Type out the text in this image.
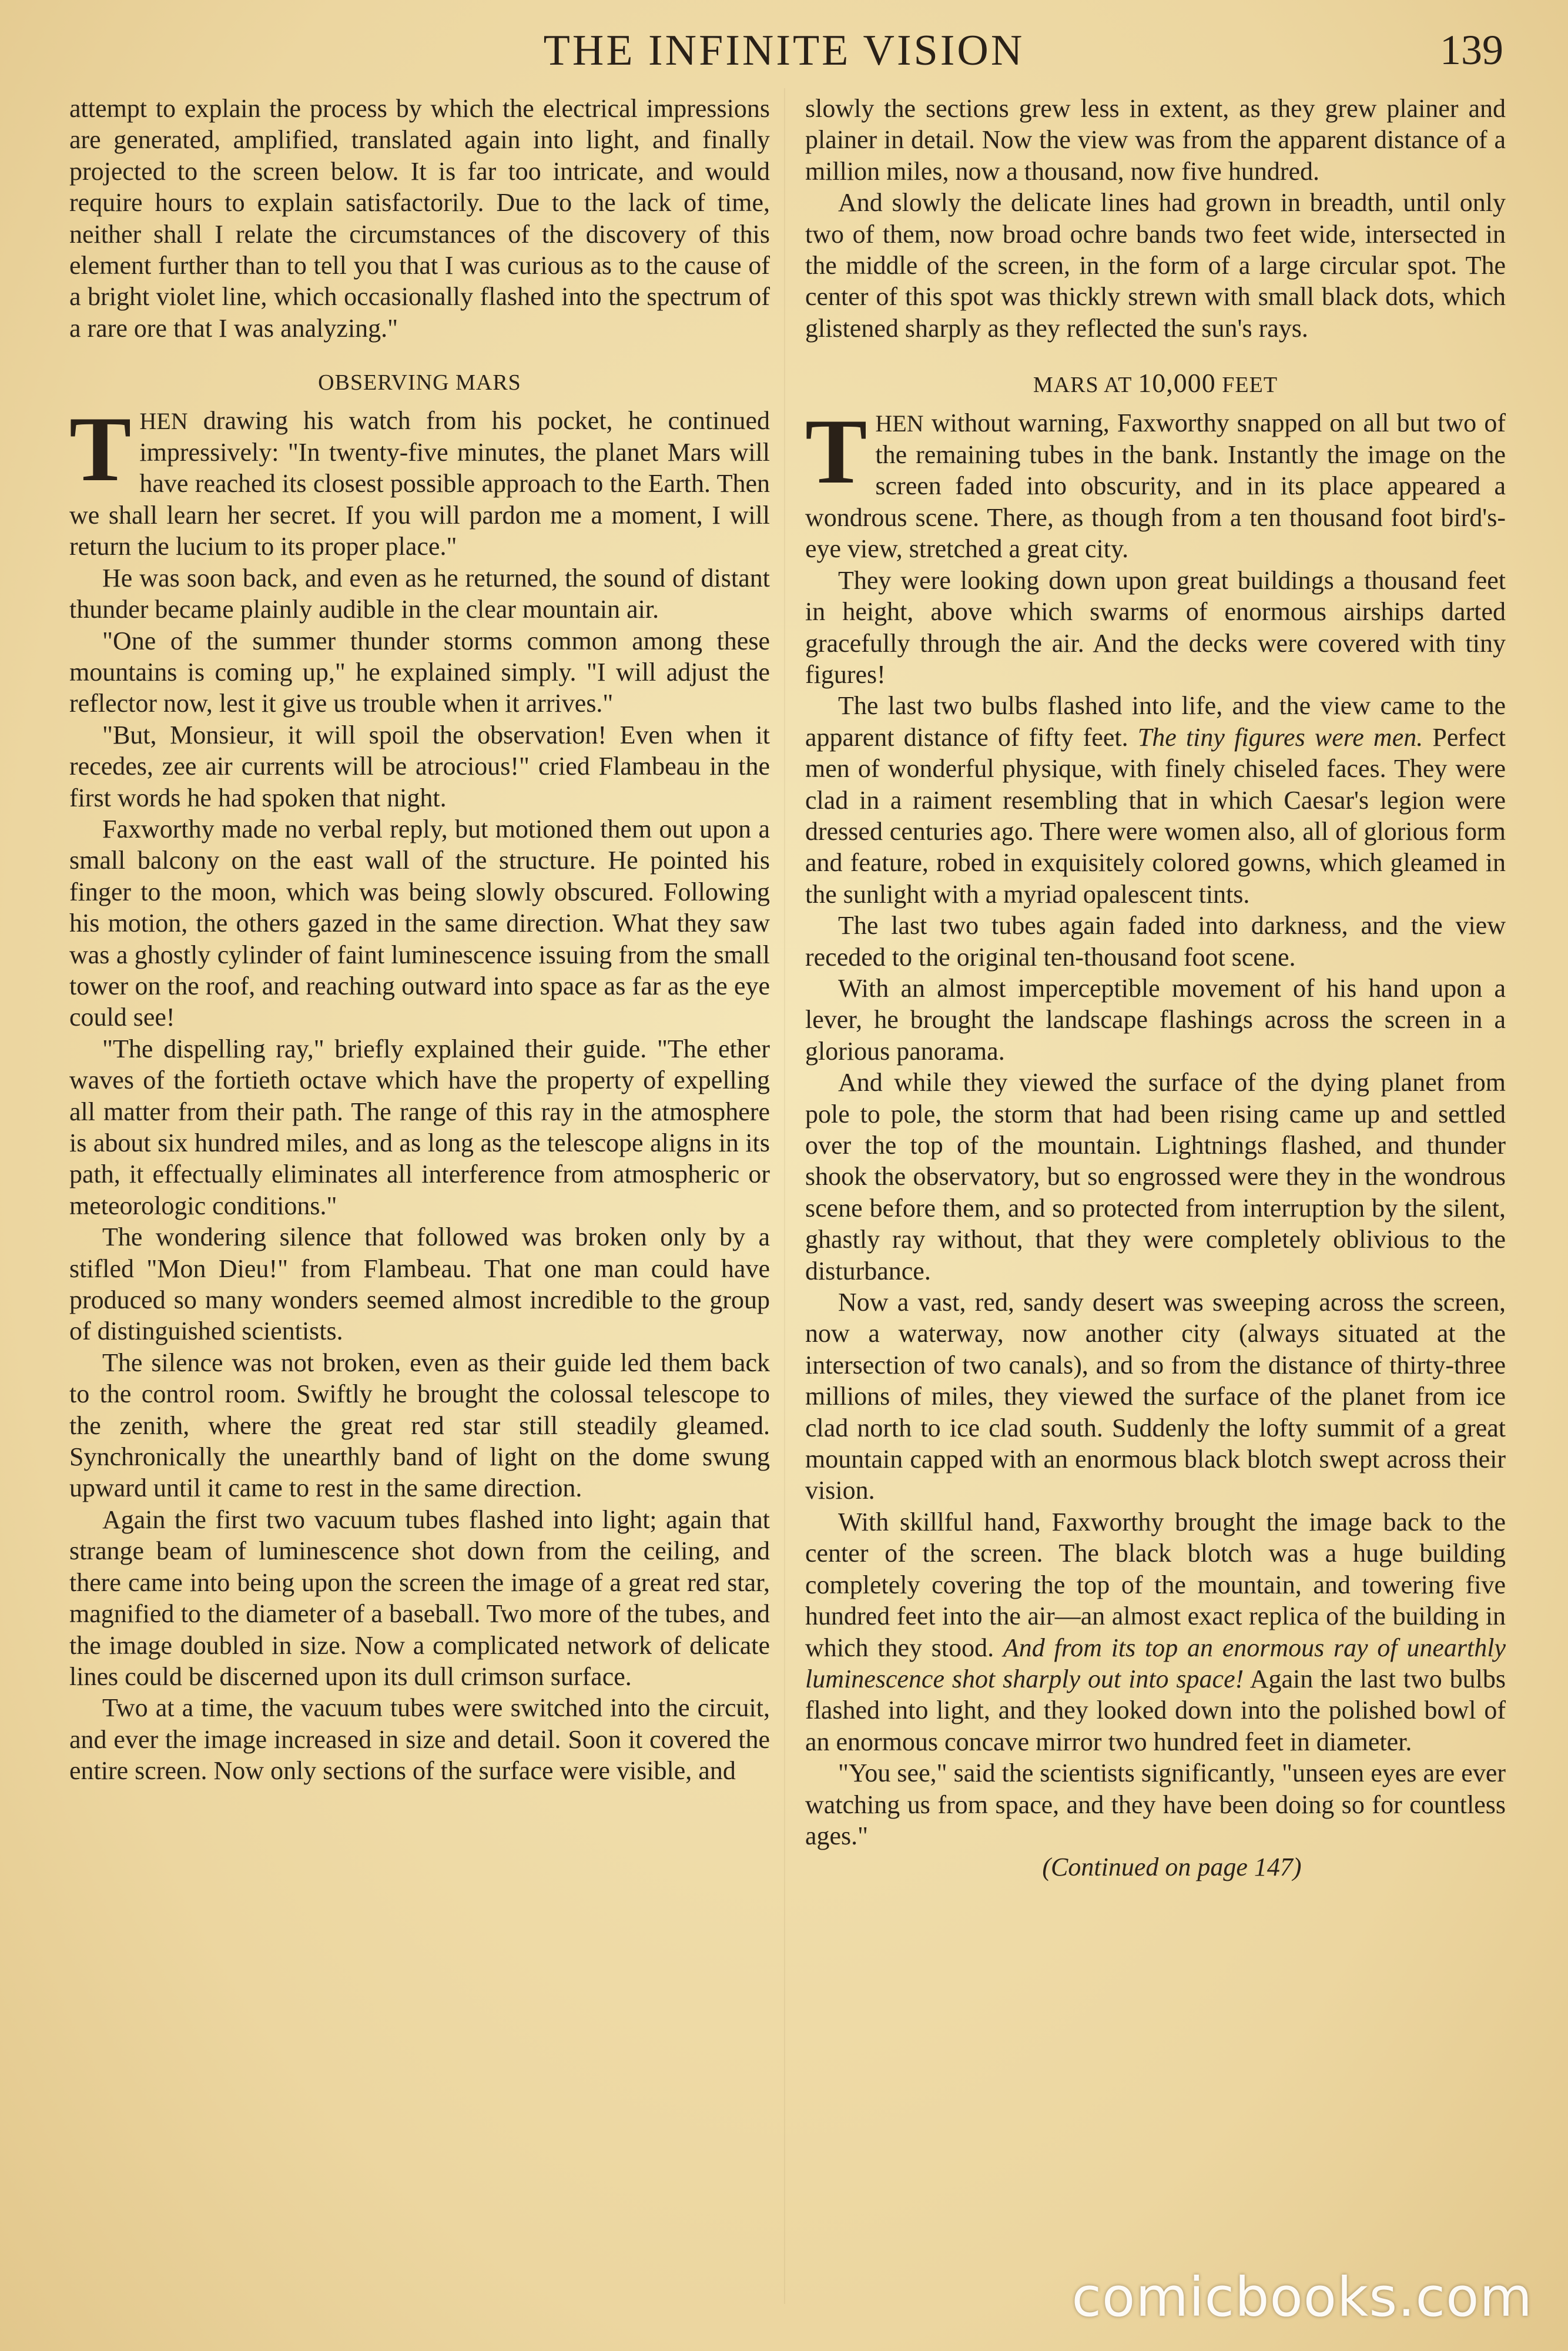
THE INFINITE VISION	139

attempt to explain the process by which the electrical impressions are generated, amplified, translated again into light, and finally projected to the screen below. It is far too intricate, and would require hours to explain satisfactorily. Due to the lack of time, neither shall I relate the circumstances of the discovery of this element further than to tell you that I was curious as to the cause of a bright violet line, which occasionally flashed into the spectrum of a rare ore that I was analyzing."

OBSERVING MARS

THEN drawing his watch from his pocket, he continued impressively: "In twenty-five minutes, the planet Mars will have reached its closest possible approach to the Earth. Then we shall learn her secret. If you will pardon me a moment, I will return the lucium to its proper place."

He was soon back, and even as he returned, the sound of distant thunder became plainly audible in the clear mountain air.

"One of the summer thunder storms common among these mountains is coming up," he explained simply. "I will adjust the reflector now, lest it give us trouble when it arrives."

"But, Monsieur, it will spoil the observation! Even when it recedes, zee air currents will be atrocious!" cried Flambeau in the first words he had spoken that night.

Faxworthy made no verbal reply, but motioned them out upon a small balcony on the east wall of the structure. He pointed his finger to the moon, which was being slowly obscured. Following his motion, the others gazed in the same direction. What they saw was a ghostly cylinder of faint luminescence issuing from the small tower on the roof, and reaching outward into space as far as the eye could see!

"The dispelling ray," briefly explained their guide. "The ether waves of the fortieth octave which have the property of expelling all matter from their path. The range of this ray in the atmosphere is about six hundred miles, and as long as the telescope aligns in its path, it effectually eliminates all interference from atmospheric or meteorologic conditions."

The wondering silence that followed was broken only by a stifled "Mon Dieu!" from Flambeau. That one man could have produced so many wonders seemed almost incredible to the group of distinguished scientists.

The silence was not broken, even as their guide led them back to the control room. Swiftly he brought the colossal telescope to the zenith, where the great red star still steadily gleamed. Synchronically the unearthly band of light on the dome swung upward until it came to rest in the same direction.

Again the first two vacuum tubes flashed into light; again that strange beam of luminescence shot down from the ceiling, and there came into being upon the screen the image of a great red star, magnified to the diameter of a baseball. Two more of the tubes, and the image doubled in size. Now a complicated network of delicate lines could be discerned upon its dull crimson surface.

Two at a time, the vacuum tubes were switched into the circuit, and ever the image increased in size and detail. Soon it covered the entire screen. Now only sections of the surface were visible, and

slowly the sections grew less in extent, as they grew plainer and plainer in detail. Now the view was from the apparent distance of a million miles, now a thousand, now five hundred.

And slowly the delicate lines had grown in breadth, until only two of them, now broad ochre bands two feet wide, intersected in the middle of the screen, in the form of a large circular spot. The center of this spot was thickly strewn with small black dots, which glistened sharply as they reflected the sun's rays.

MARS AT 10,000 FEET

THEN without warning, Faxworthy snapped on all but two of the remaining tubes in the bank. Instantly the image on the screen faded into obscurity, and in its place appeared a wondrous scene. There, as though from a ten thousand foot bird's-eye view, stretched a great city.

They were looking down upon great buildings a thousand feet in height, above which swarms of enormous airships darted gracefully through the air. And the decks were covered with tiny figures!

The last two bulbs flashed into life, and the view came to the apparent distance of fifty feet. The tiny figures were men. Perfect men of wonderful physique, with finely chiseled faces. They were clad in a raiment resembling that in which Caesar's legion were dressed centuries ago. There were women also, all of glorious form and feature, robed in exquisitely colored gowns, which gleamed in the sunlight with a myriad opalescent tints.

The last two tubes again faded into darkness, and the view receded to the original ten-thousand foot scene.

With an almost imperceptible movement of his hand upon a lever, he brought the landscape flashings across the screen in a glorious panorama.

And while they viewed the surface of the dying planet from pole to pole, the storm that had been rising came up and settled over the top of the mountain. Lightnings flashed, and thunder shook the observatory, but so engrossed were they in the wondrous scene before them, and so protected from interruption by the silent, ghastly ray without, that they were completely oblivious to the disturbance.

Now a vast, red, sandy desert was sweeping across the screen, now a waterway, now another city (always situated at the intersection of two canals), and so from the distance of thirty-three millions of miles, they viewed the surface of the planet from ice clad north to ice clad south. Suddenly the lofty summit of a great mountain capped with an enormous black blotch swept across their vision.

With skillful hand, Faxworthy brought the image back to the center of the screen. The black blotch was a huge building completely covering the top of the mountain, and towering five hundred feet into the air—an almost exact replica of the building in which they stood. And from its top an enormous ray of unearthly luminescence shot sharply out into space! Again the last two bulbs flashed into light, and they looked down into the polished bowl of an enormous concave mirror two hundred feet in diameter.

"You see," said the scientists significantly, "unseen eyes are ever watching us from space, and they have been doing so for countless ages."

(Continued on page 147)

comicbooks.com
